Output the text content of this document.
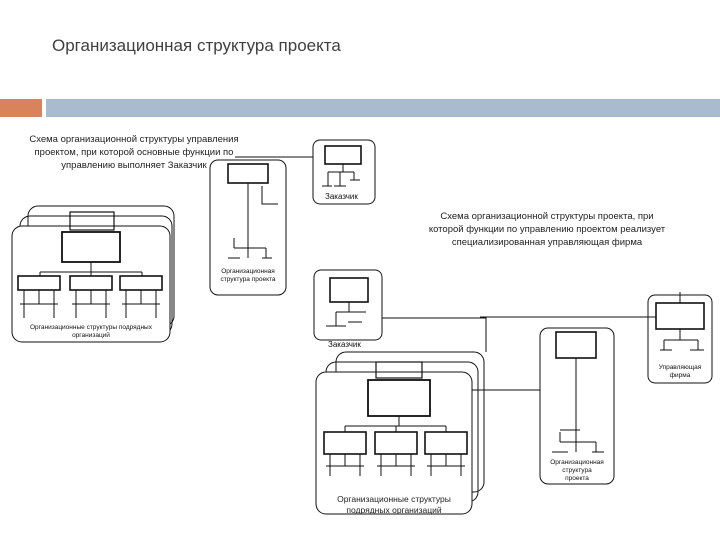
Организационная структура проекта
Схема организационной структуры управления
проектом, при которой основные функции по
управлению выполняет Заказчик
Заказчик
Организационная
структура проекта
Организационные структуры подрядных
организаций
Схема организационной структуры проекта, при
которой функции по управлению проектом реализует
специализированная управляющая фирма
Заказчик
Управляющая
фирма
Организационная
структура
проекта
Организационные структуры
подрядных организаций
